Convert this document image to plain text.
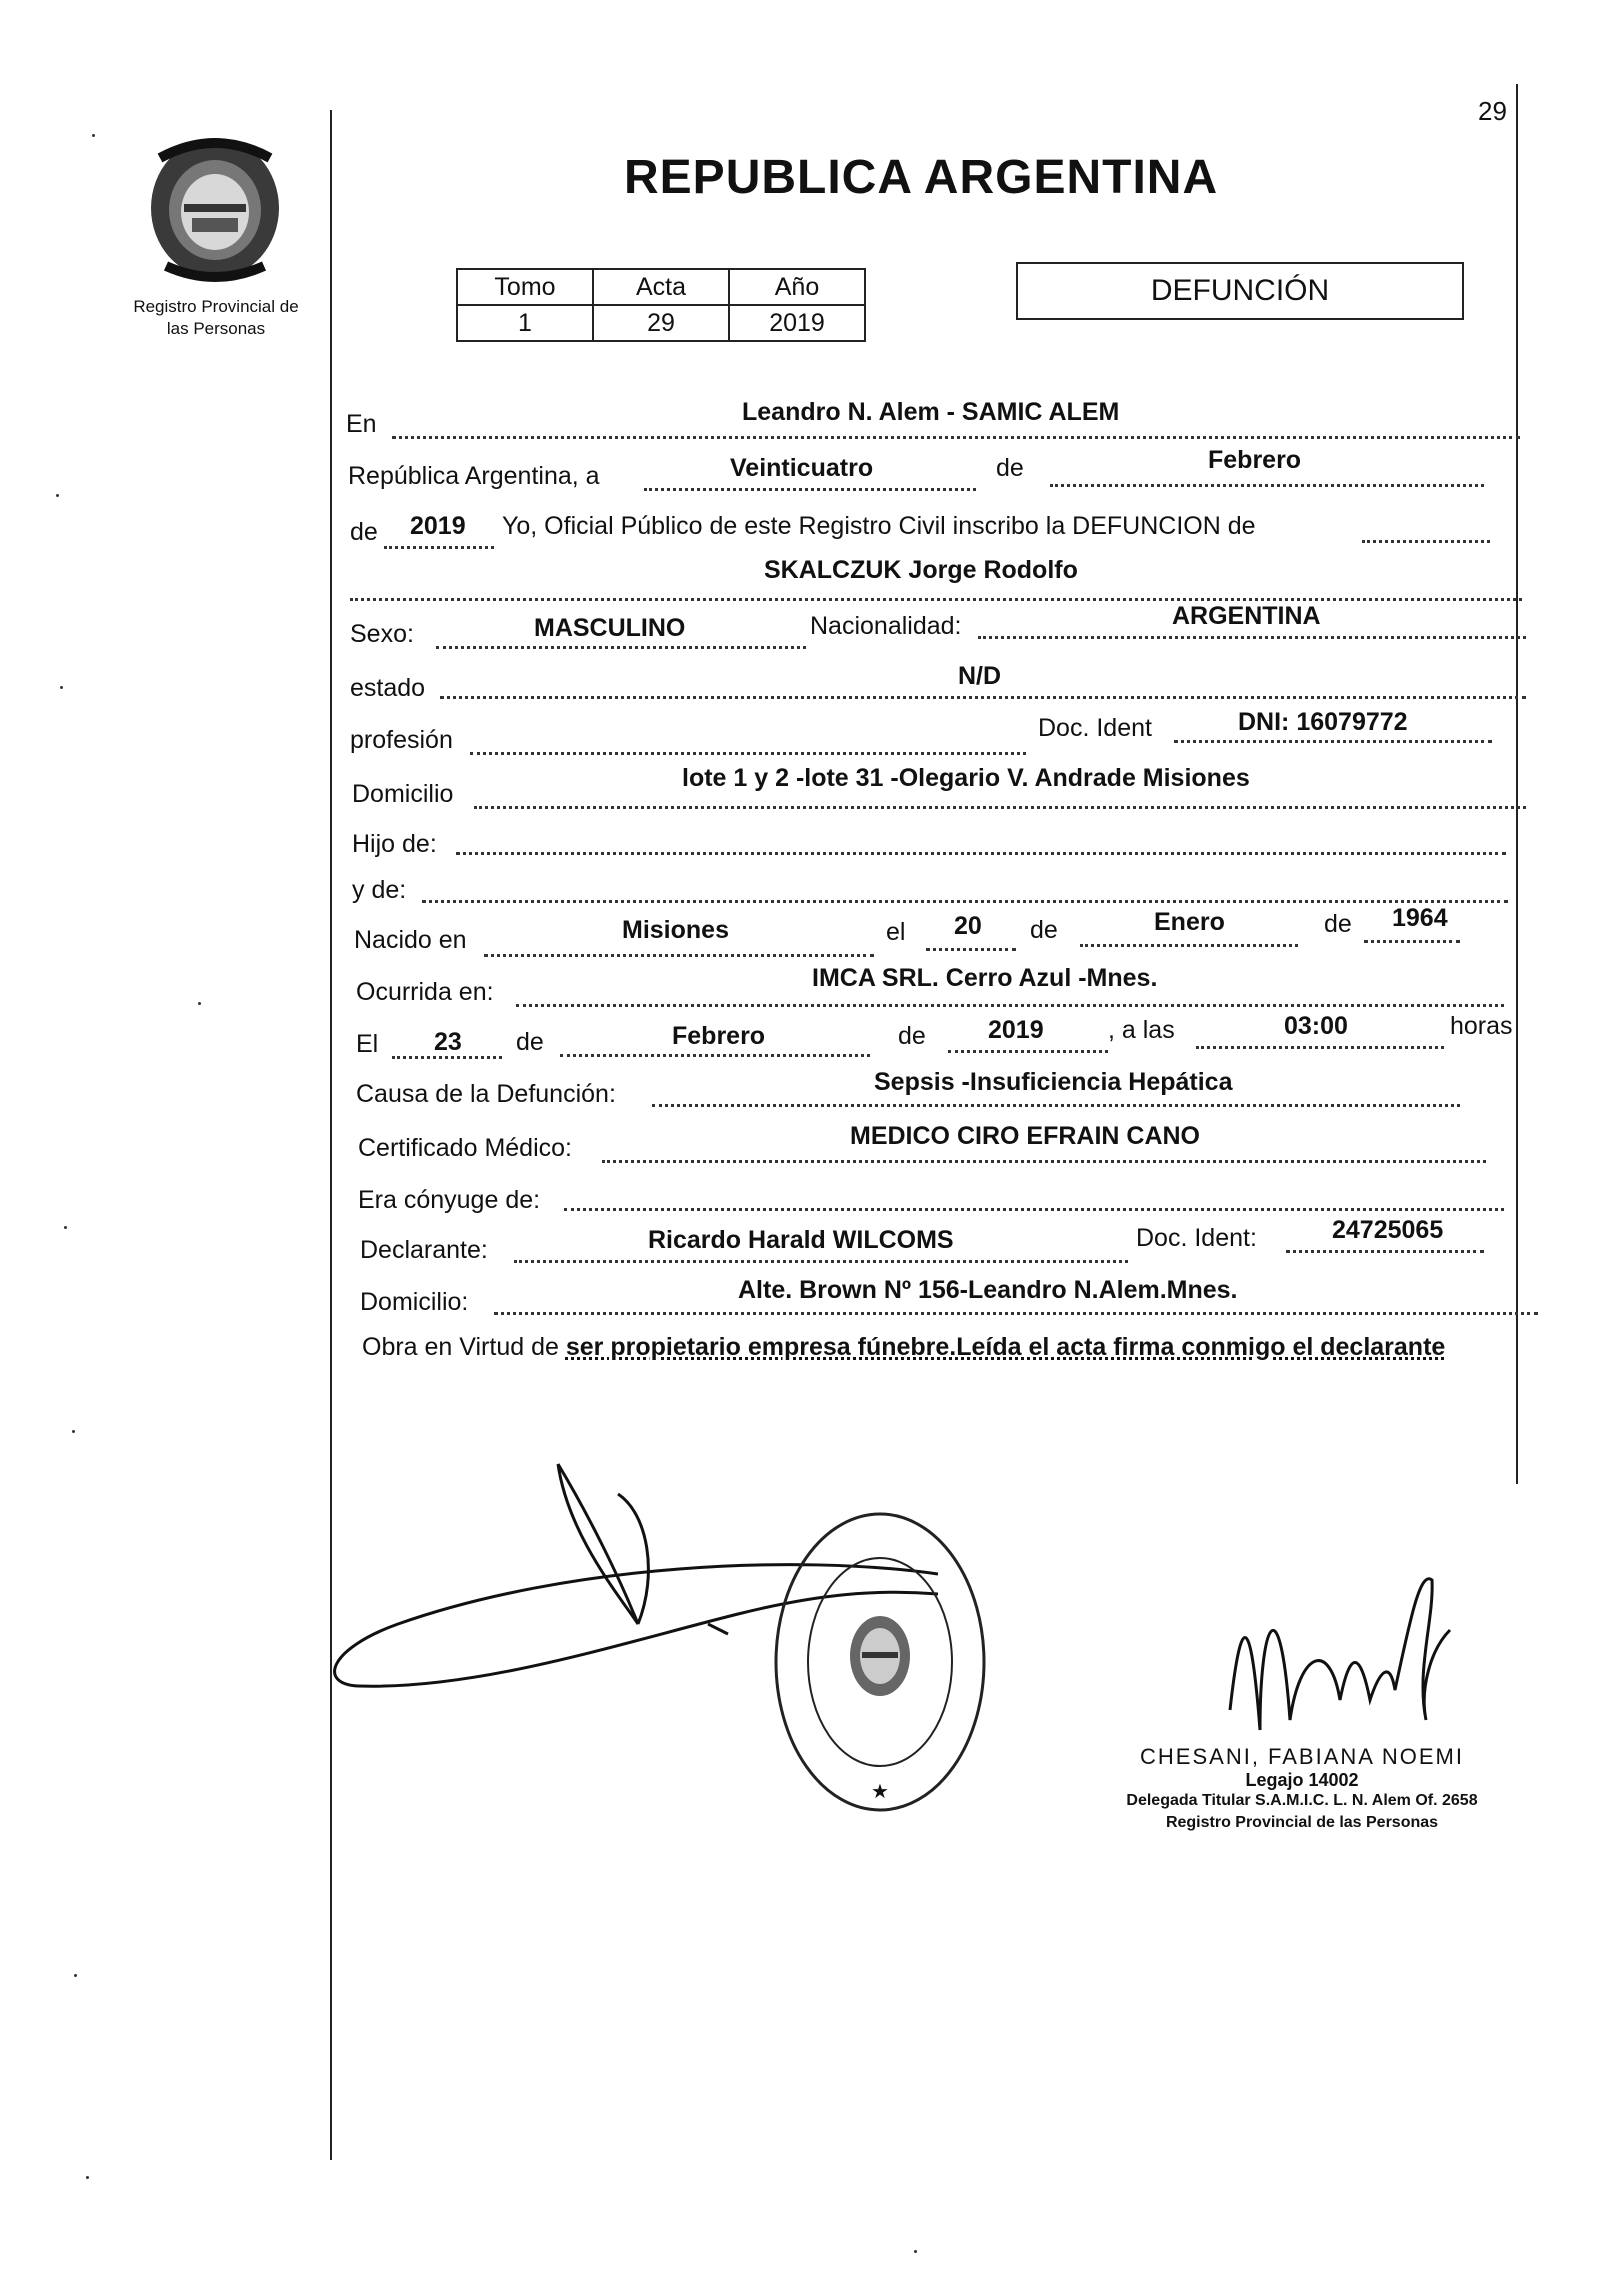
29
REPUBLICA ARGENTINA
Registro Provincial de
las Personas
Tomo	Acta	Año
1	29	2019
DEFUNCIÓN
En	Leandro N. Alem - SAMIC ALEM
República Argentina, a	Veinticuatro	de	Febrero
de 2019 Yo, Oficial Público de este Registro Civil inscribo la DEFUNCION de
SKALCZUK Jorge Rodolfo
Sexo:	MASCULINO	Nacionalidad:	ARGENTINA
estado	N/D
profesión	Doc. Ident	DNI: 16079772
Domicilio
lote 1 y 2 -lote 31 -Olegario V. Andrade Misiones
Hijo de:
y de:
Nacido en	Misiones	el 20 de	Enero	de 1964
Ocurrida en:	IMCA SRL. Cerro Azul -Mnes.
El 23 de	Febrero	de 2019	, a las	03:00	horas
Causa de la Defunción:	Sepsis -Insuficiencia Hepática
Certificado Médico:	MEDICO CIRO EFRAIN CANO
Era cónyuge de:
Declarante:	Ricardo Harald WILCOMS	Doc. Ident:	24725065
Domicilio:	Alte. Brown Nº 156-Leandro N.Alem.Mnes.
Obra en Virtud de ser propietario empresa fúnebre.Leída el acta firma conmigo el declarante
★
CHESANI, FABIANA NOEMI
Legajo 14002
Delegada Titular S.A.M.I.C. L. N. Alem Of. 2658
Registro Provincial de las Personas
